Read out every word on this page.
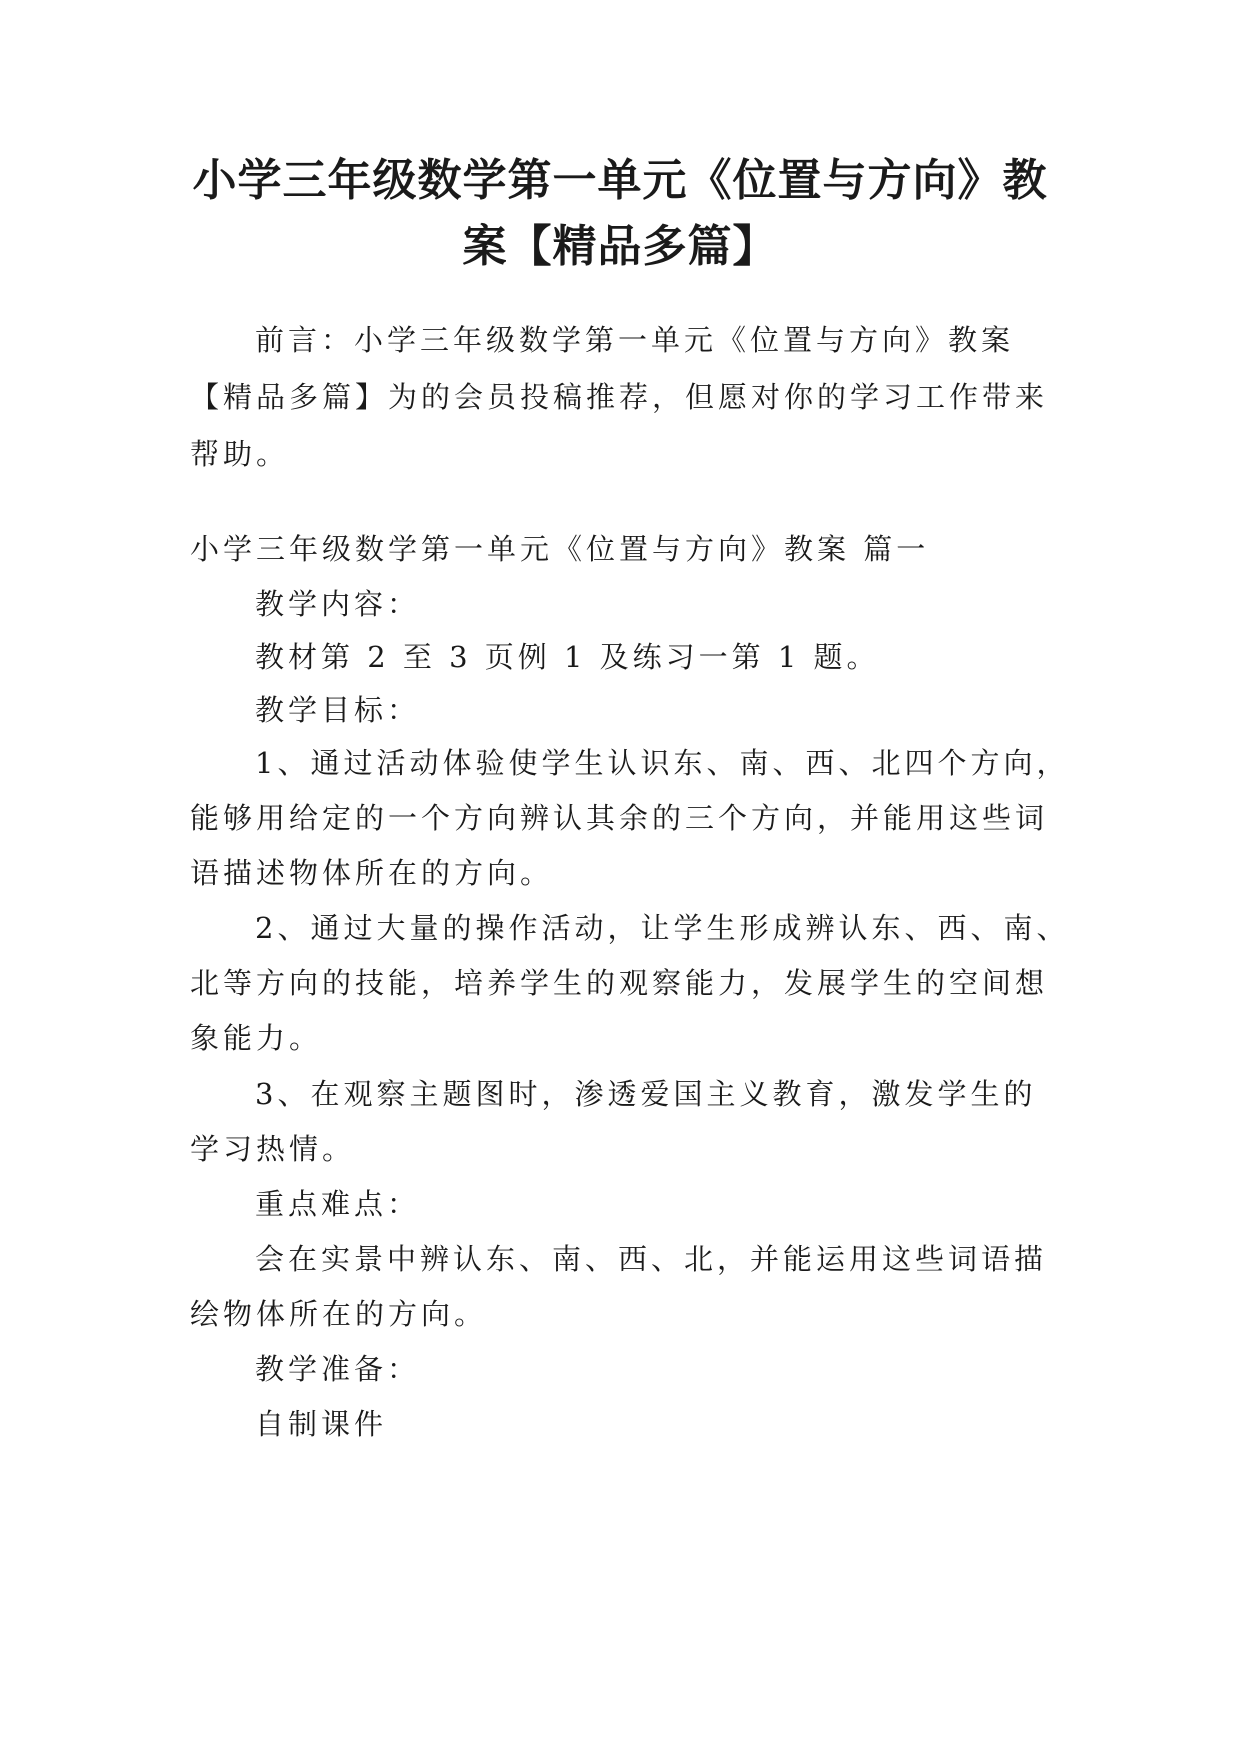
小学三年级数学第一单元《位置与方向》教
案【精品多篇】

前言：小学三年级数学第一单元《位置与方向》教案

【精品多篇】为的会员投稿推荐，但愿对你的学习工作带来

帮助。

小学三年级数学第一单元《位置与方向》教案 篇一

教学内容：

教材第 2 至 3 页例 1 及练习一第 1 题。

教学目标：

1、通过活动体验使学生认识东、南、西、北四个方向，

能够用给定的一个方向辨认其余的三个方向，并能用这些词

语描述物体所在的方向。

2、通过大量的操作活动，让学生形成辨认东、西、南、

北等方向的技能，培养学生的观察能力，发展学生的空间想

象能力。

3、在观察主题图时，渗透爱国主义教育，激发学生的

学习热情。

重点难点：

会在实景中辨认东、南、西、北，并能运用这些词语描

绘物体所在的方向。

教学准备：

自制课件
